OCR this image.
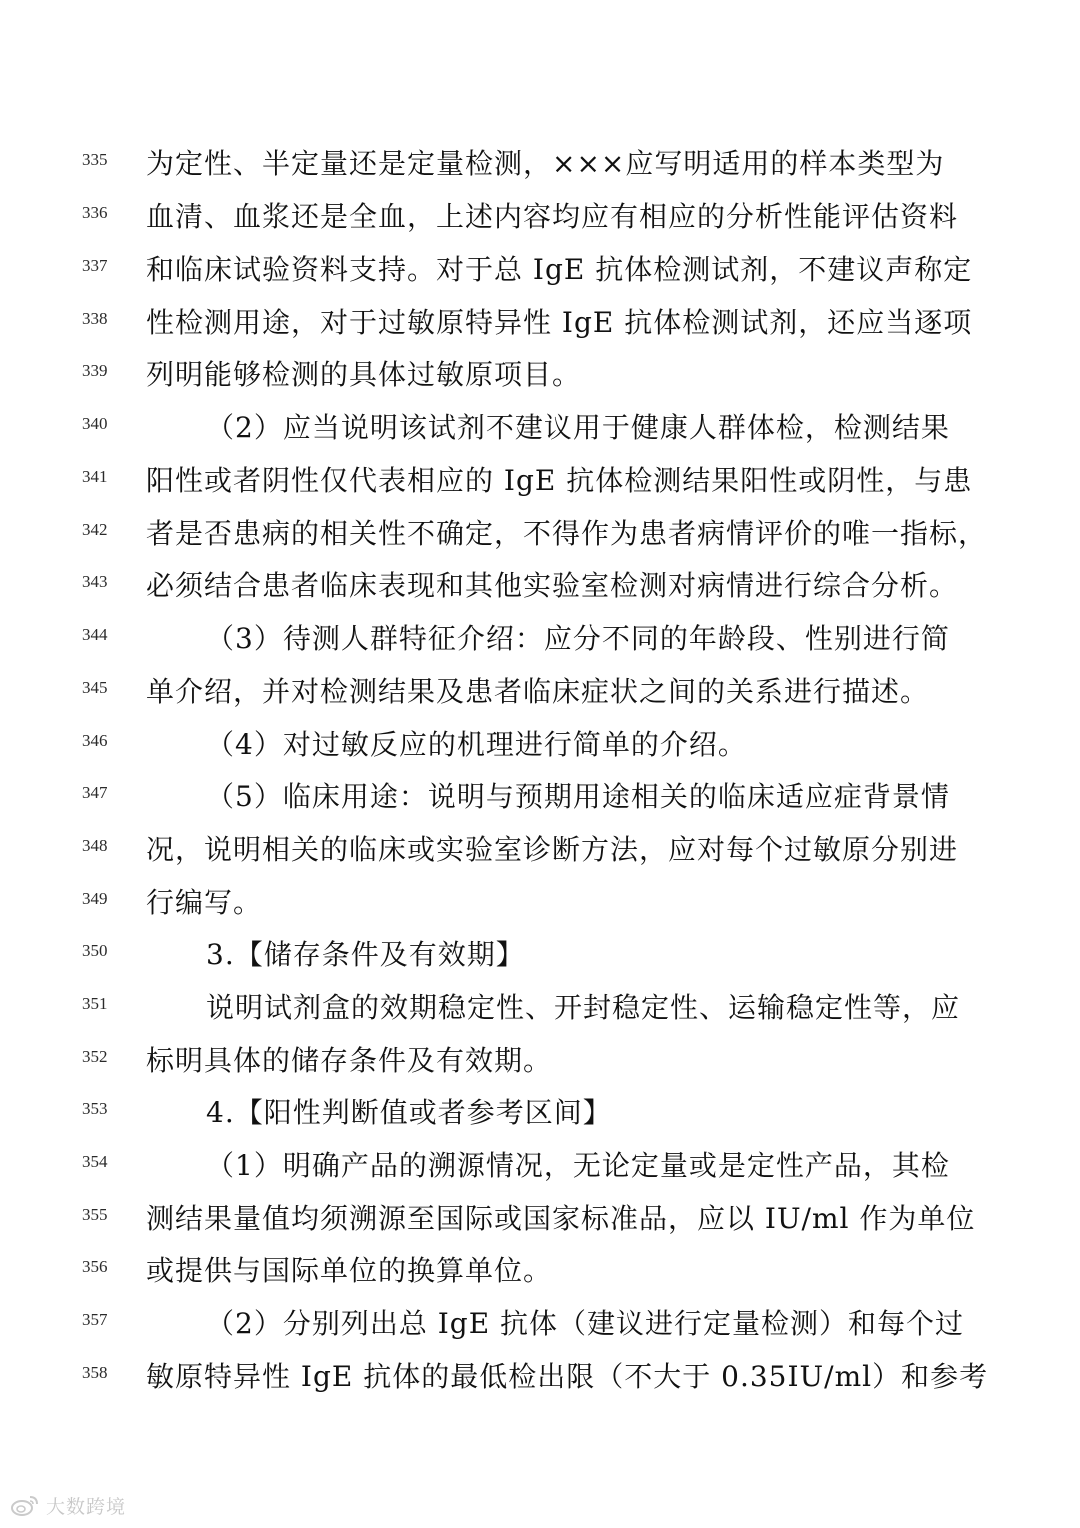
335	为定性、半定量还是定量检测，×××应写明适用的样本类型为
336	血清、血浆还是全血，上述内容均应有相应的分析性能评估资料
337	和临床试验资料支持。对于总 IgE 抗体检测试剂，不建议声称定
338	性检测用途，对于过敏原特异性 IgE 抗体检测试剂，还应当逐项
339	列明能够检测的具体过敏原项目。
340	（2）应当说明该试剂不建议用于健康人群体检，检测结果
341	阳性或者阴性仅代表相应的 IgE 抗体检测结果阳性或阴性，与患
342	者是否患病的相关性不确定，不得作为患者病情评价的唯一指标，
343	必须结合患者临床表现和其他实验室检测对病情进行综合分析。
344	（3）待测人群特征介绍：应分不同的年龄段、性别进行简
345	单介绍，并对检测结果及患者临床症状之间的关系进行描述。
346	（4）对过敏反应的机理进行简单的介绍。
347	（5）临床用途：说明与预期用途相关的临床适应症背景情
348	况，说明相关的临床或实验室诊断方法，应对每个过敏原分别进
349	行编写。
350	3.【储存条件及有效期】
351	说明试剂盒的效期稳定性、开封稳定性、运输稳定性等，应
352	标明具体的储存条件及有效期。
353	4.【阳性判断值或者参考区间】
354	（1）明确产品的溯源情况，无论定量或是定性产品，其检
355	测结果量值均须溯源至国际或国家标准品，应以 IU/ml 作为单位
356	或提供与国际单位的换算单位。
357	（2）分别列出总 IgE 抗体（建议进行定量检测）和每个过
358	敏原特异性 IgE 抗体的最低检出限（不大于 0.35IU/ml）和参考
大数跨境
